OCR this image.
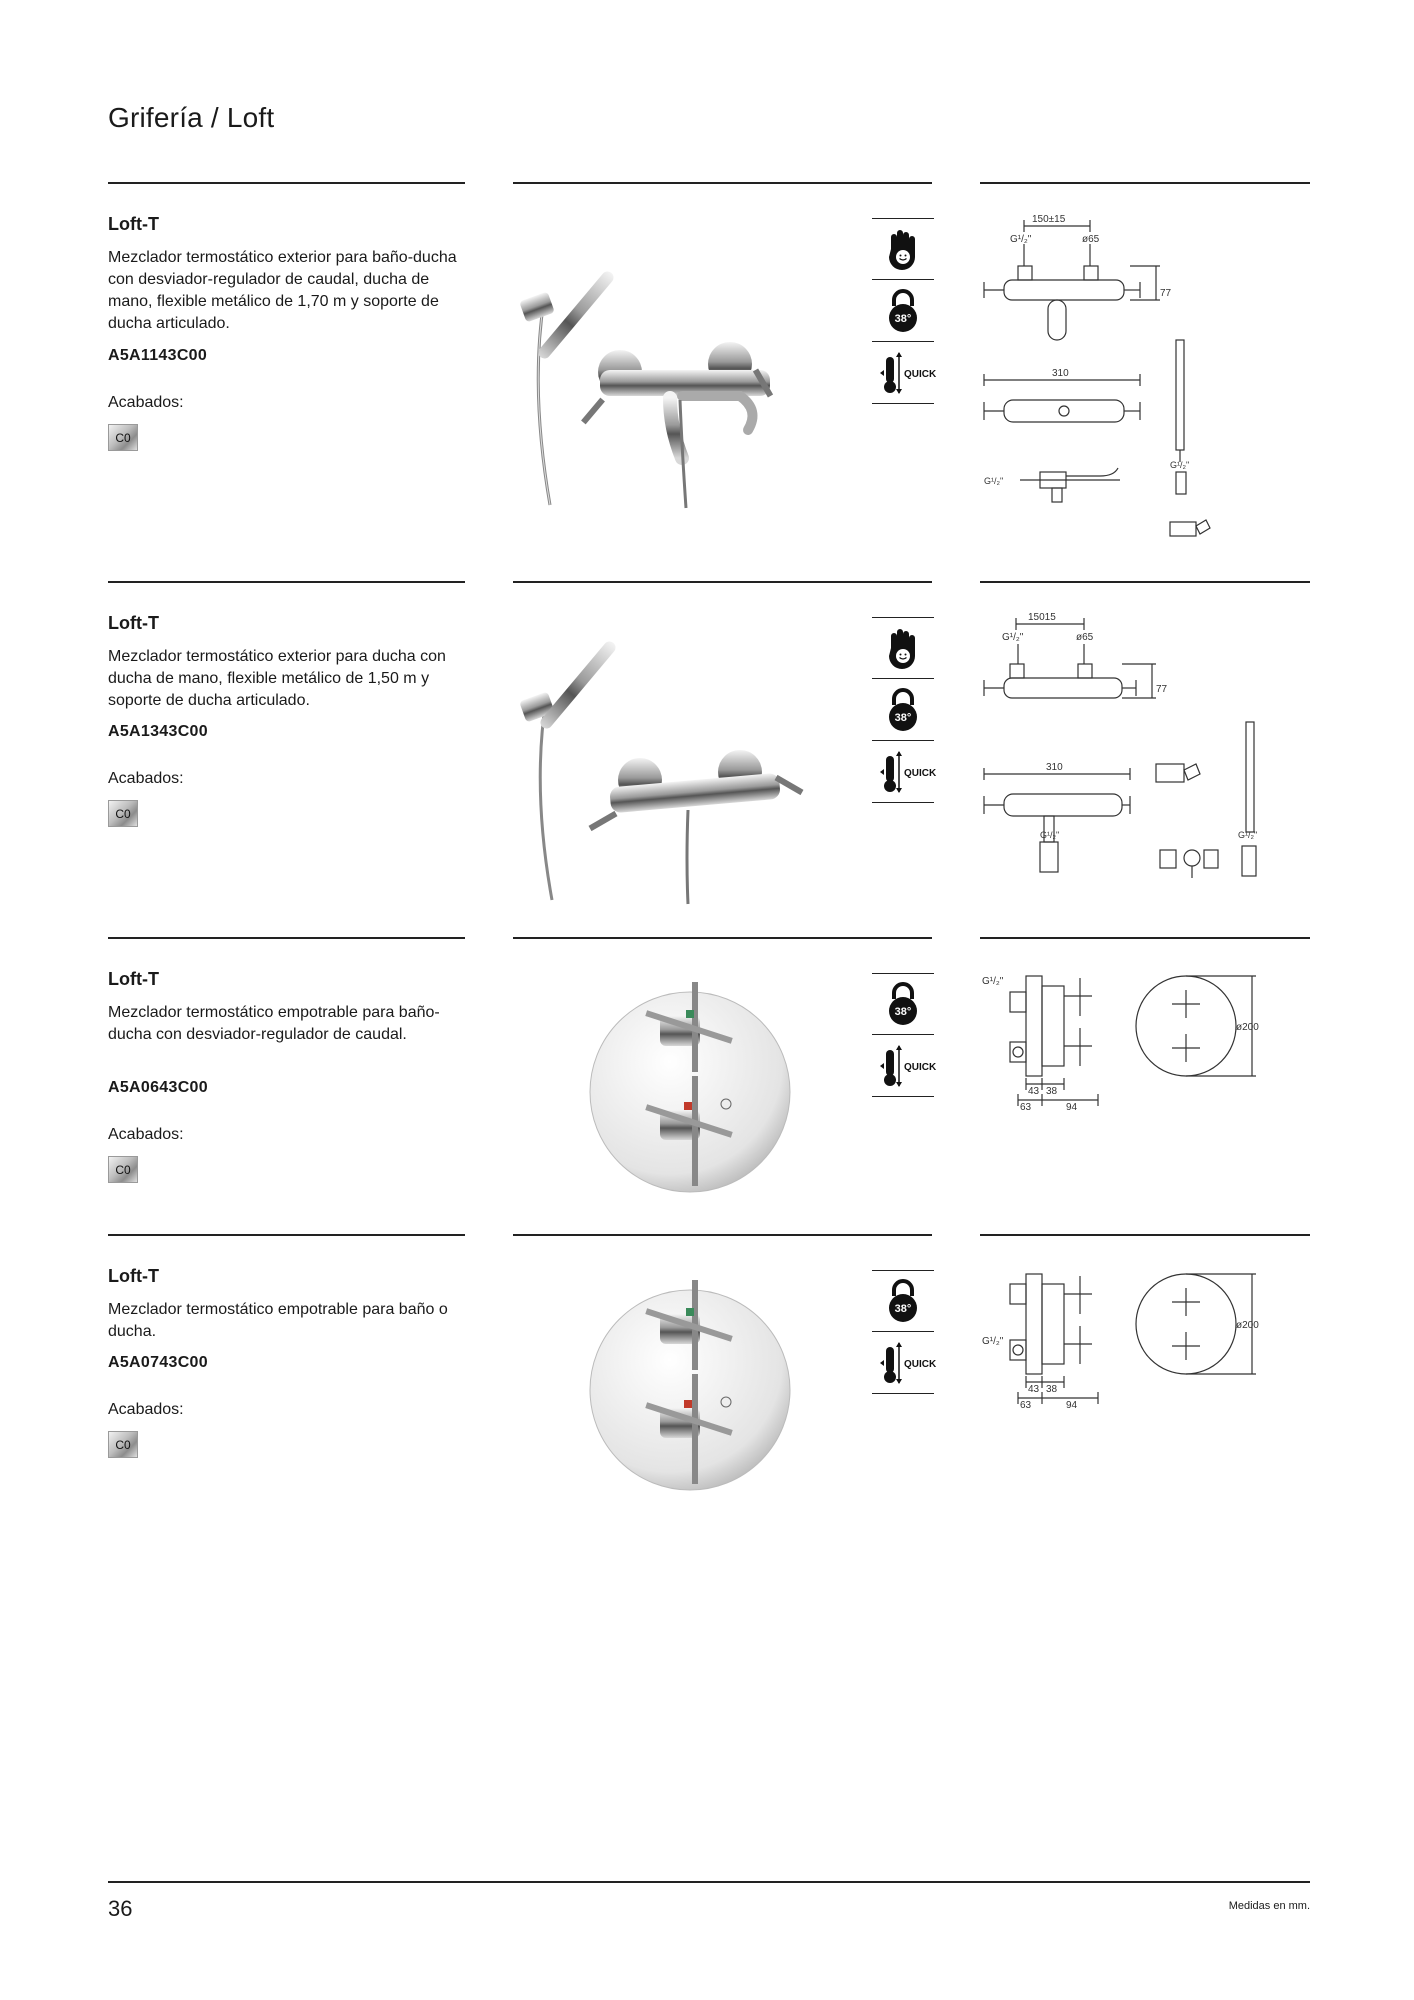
Grifería / Loft
Loft-T
Mezclador termostático exterior para baño-ducha con desviador-regulador de caudal, ducha de mano, flexible metálico de 1,70 m y soporte de ducha articulado.
A5A1143C00
Acabados:
C0
38°
QUICK
150±15
G¹/₂"	ø65
77
310
G¹/₂"
G¹/₂"
Loft-T
Mezclador termostático exterior para ducha con ducha de mano, flexible metálico de 1,50 m y soporte de ducha articulado.
A5A1343C00
Acabados:
C0
38°
QUICK
15015
G¹/₂"	ø65
77
310
G¹/₂"	G¹/₂"
Loft-T
Mezclador termostático empotrable para baño-ducha con desviador-regulador de caudal.
A5A0643C00
Acabados:
C0
38°
QUICK
G¹/₂"
43 38
63	94
ø200
Loft-T
Mezclador termostático empotrable para baño o ducha.
A5A0743C00
Acabados:
C0
38°
QUICK
G¹/₂"
43 38
63	94
ø200
36	Medidas en mm.
